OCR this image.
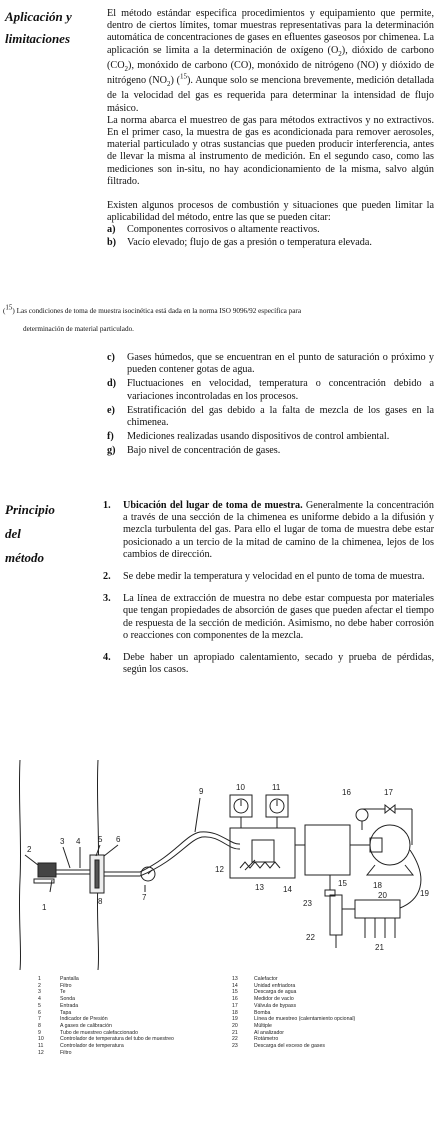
Aplicación y
limitaciones

El método estándar especifica procedimientos y equipamiento que permite, dentro de ciertos límites, tomar muestras representativas para la determinación automática de concentraciones de gases en efluentes gaseosos por chimenea. La aplicación se limita a la determinación de oxígeno $(O_2)$, dióxido de carbono $(CO_2)$, monóxido de carbono (CO), monóxido de nitrógeno (NO) y dióxido de nitrógeno $(NO_2)$ ($^{15}$). Aunque solo se menciona brevemente, medición detallada de la velocidad del gas es requerida para determinar la intensidad de flujo másico.

La norma abarca el muestreo de gas para métodos extractivos y no extractivos. En el primer caso, la muestra de gas es acondicionada para remover aerosoles, material particulado y otras sustancias que pueden producir interferencia, antes de llevar la misma al instrumento de medición. En el segundo caso, como las mediciones son in-situ, no hay acondicionamiento de la misma, salvo algún filtrado.

Existen algunos procesos de combustión y situaciones que pueden limitar la aplicabilidad del método, entre las que se pueden citar:

a)	Componentes corrosivos o altamente reactivos.
b)	Vacío elevado; flujo de gas a presión o temperatura elevada.
(15) Las condiciones de toma de muestra isocinética está dada en la norma ISO 9096/92 específica para
determinación de material particulado.
c)	Gases húmedos, que se encuentran en el punto de saturación o próximo y pueden contener gotas de agua.
d)	Fluctuaciones en velocidad, temperatura o concentración debido a variaciones incontroladas en los procesos.
e)	Estratificación del gas debido a la falta de mezcla de los gases en la chimenea.
f)	Mediciones realizadas usando dispositivos de control ambiental.
g)	Bajo nivel de concentración de gases.
Principio
del
método
1.	Ubicación del lugar de toma de muestra. Generalmente la concentración a través de una sección de la chimenea es uniforme debido a la difusión y mezcla turbulenta del gas. Para ello el lugar de toma de muestra debe estar posicionado a un tercio de la mitad de camino de la chimenea, lejos de los cambios de dirección.
2.	Se debe medir la temperatura y velocidad en el punto de toma de muestra.
3.	La línea de extracción de muestra no debe estar compuesta por materiales que tengan propiedades de absorción de gases que pueden afectar el tiempo de respuesta de la sección de medición. Asimismo, no debe haber corrosión o reacciones con componentes de la mezcla.
4.	Debe haber un apropiado calentamiento, secado y prueba de pérdidas, según los casos.
1
2
3 4 5 6
7
8
9	10	11
12
13 14
15
16	17
18
19
20
21
22
23
1	Pantalla
2	Filtro
3	Te
4	Sonda
5	Entrada
6	Tapa
7	Indicador de Presión
8	A gases de calibración
9	Tubo de muestreo calefaccionado
10	Controlador de temperatura del tubo de muestreo
11	Controlador de temperatura
12	Filtro
13	Calefactor
14	Unidad enfriadora
15	Descarga de agua
16	Medidor de vacío
17	Válvula de bypass
18	Bomba
19	Línea de muestreo (calentamiento opcional)
20	Múltiple
21	Al analizador
22	Rotámetro
23	Descarga del exceso de gases
